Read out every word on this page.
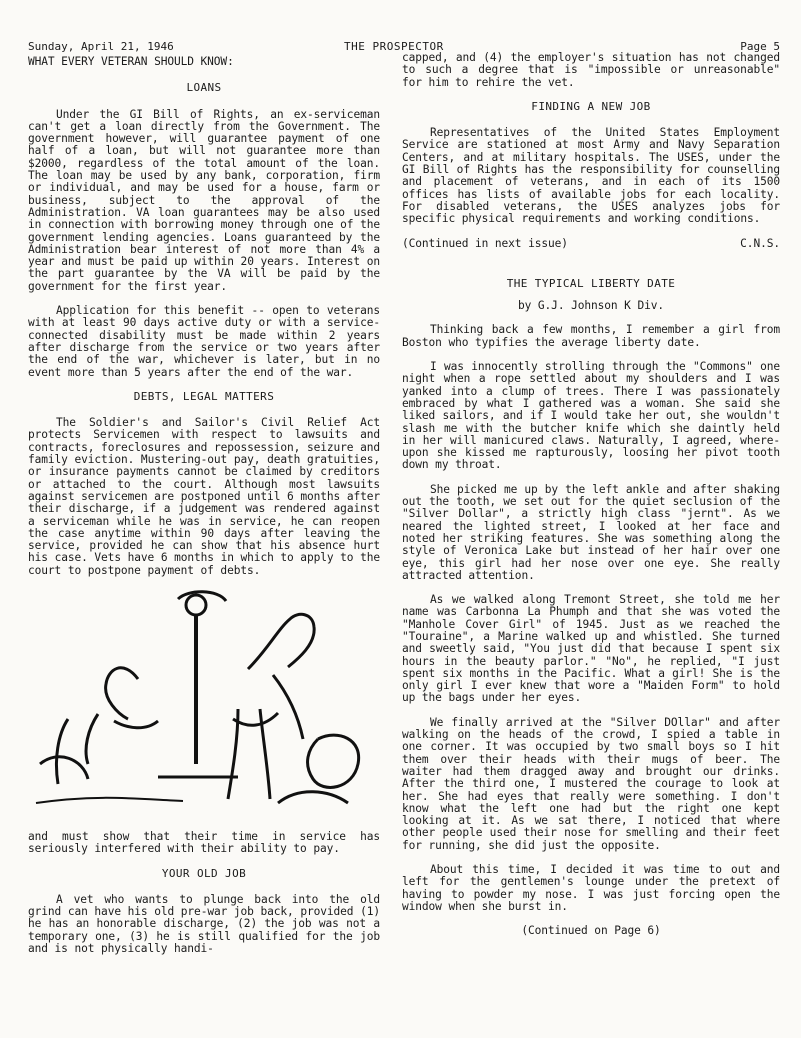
Sunday, April 21, 1946	THE PROSPECTOR	Page 5
WHAT EVERY VETERAN SHOULD KNOW:
LOANS
Under the GI Bill of Rights, an ex-serviceman can't get a loan directly from the Government. The government however, will guarantee payment of one half of a loan, but will not guarantee more than $2000, regardless of the total amount of the loan. The loan may be used by any bank, corporation, firm or individual, and may be used for a house, farm or business, subject to the approval of the Administration. VA loan guarantees may be also used in connection with borrowing money through one of the government lending agencies. Loans guaranteed by the Administration bear interest of not more than 4% a year and must be paid up within 20 years. Interest on the part guarantee by the VA will be paid by the government for the first year.
Application for this benefit -- open to veterans with at least 90 days active duty or with a service-connected disability must be made within 2 years after discharge from the service or two years after the end of the war, whichever is later, but in no event more than 5 years after the end of the war.
DEBTS, LEGAL MATTERS
The Soldier's and Sailor's Civil Relief Act protects Servicemen with respect to lawsuits and contracts, foreclosures and repossession, seizure and family eviction. Mustering-out pay, death gratuities, or insurance payments cannot be claimed by creditors or attached to the court. Although most lawsuits against servicemen are postponed until 6 months after their discharge, if a judgement was rendered against a serviceman while he was in service, he can reopen the case anytime within 90 days after leaving the service, provided he can show that his absence hurt his case. Vets have 6 months in which to apply to the court to postpone payment of debts.
and must show that their time in service has seriously interfered with their ability to pay.
YOUR OLD JOB
A vet who wants to plunge back into the old grind can have his old pre-war job back, provided (1) he has an honorable discharge, (2) the job was not a temporary one, (3) he is still qualified for the job and is not physically handi-
capped, and (4) the employer's situation has not changed to such a degree that is "impossible or unreasonable" for him to rehire the vet.
FINDING A NEW JOB
Representatives of the United States Employment Service are stationed at most Army and Navy Separation Centers, and at military hospitals. The USES, under the GI Bill of Rights has the responsibility for counselling and placement of veterans, and in each of its 1500 offices has lists of available jobs for each locality. For disabled veterans, the USES analyzes jobs for specific physical requirements and working conditions.
(Continued in next issue)	C.N.S.
THE TYPICAL LIBERTY DATE
by G.J. Johnson K Div.
Thinking back a few months, I remember a girl from Boston who typifies the average liberty date.
I was innocently strolling through the "Commons" one night when a rope settled about my shoulders and I was yanked into a clump of trees. There I was passionately embraced by what I gathered was a woman. She said she liked sailors, and if I would take her out, she wouldn't slash me with the butcher knife which she daintly held in her will manicured claws. Naturally, I agreed, where-upon she kissed me rapturously, loosing her pivot tooth down my throat.
She picked me up by the left ankle and after shaking out the tooth, we set out for the quiet seclusion of the "Silver Dollar", a strictly high class "jernt". As we neared the lighted street, I looked at her face and noted her striking features. She was something along the style of Veronica Lake but instead of her hair over one eye, this girl had her nose over one eye. She really attracted attention.
As we walked along Tremont Street, she told me her name was Carbonna La Phumph and that she was voted the "Manhole Cover Girl" of 1945. Just as we reached the "Touraine", a Marine walked up and whistled. She turned and sweetly said, "You just did that because I spent six hours in the beauty parlor." "No", he replied, "I just spent six months in the Pacific. What a girl! She is the only girl I ever knew that wore a "Maiden Form" to hold up the bags under her eyes.
We finally arrived at the "Silver DOllar" and after walking on the heads of the crowd, I spied a table in one corner. It was occupied by two small boys so I hit them over their heads with their mugs of beer. The waiter had them dragged away and brought our drinks. After the third one, I mustered the courage to look at her. She had eyes that really were something. I don't know what the left one had but the right one kept looking at it. As we sat there, I noticed that where other people used their nose for smelling and their feet for running, she did just the opposite.
About this time, I decided it was time to out and left for the gentlemen's lounge under the pretext of having to powder my nose. I was just forcing open the window when she burst in.
(Continued on Page 6)
